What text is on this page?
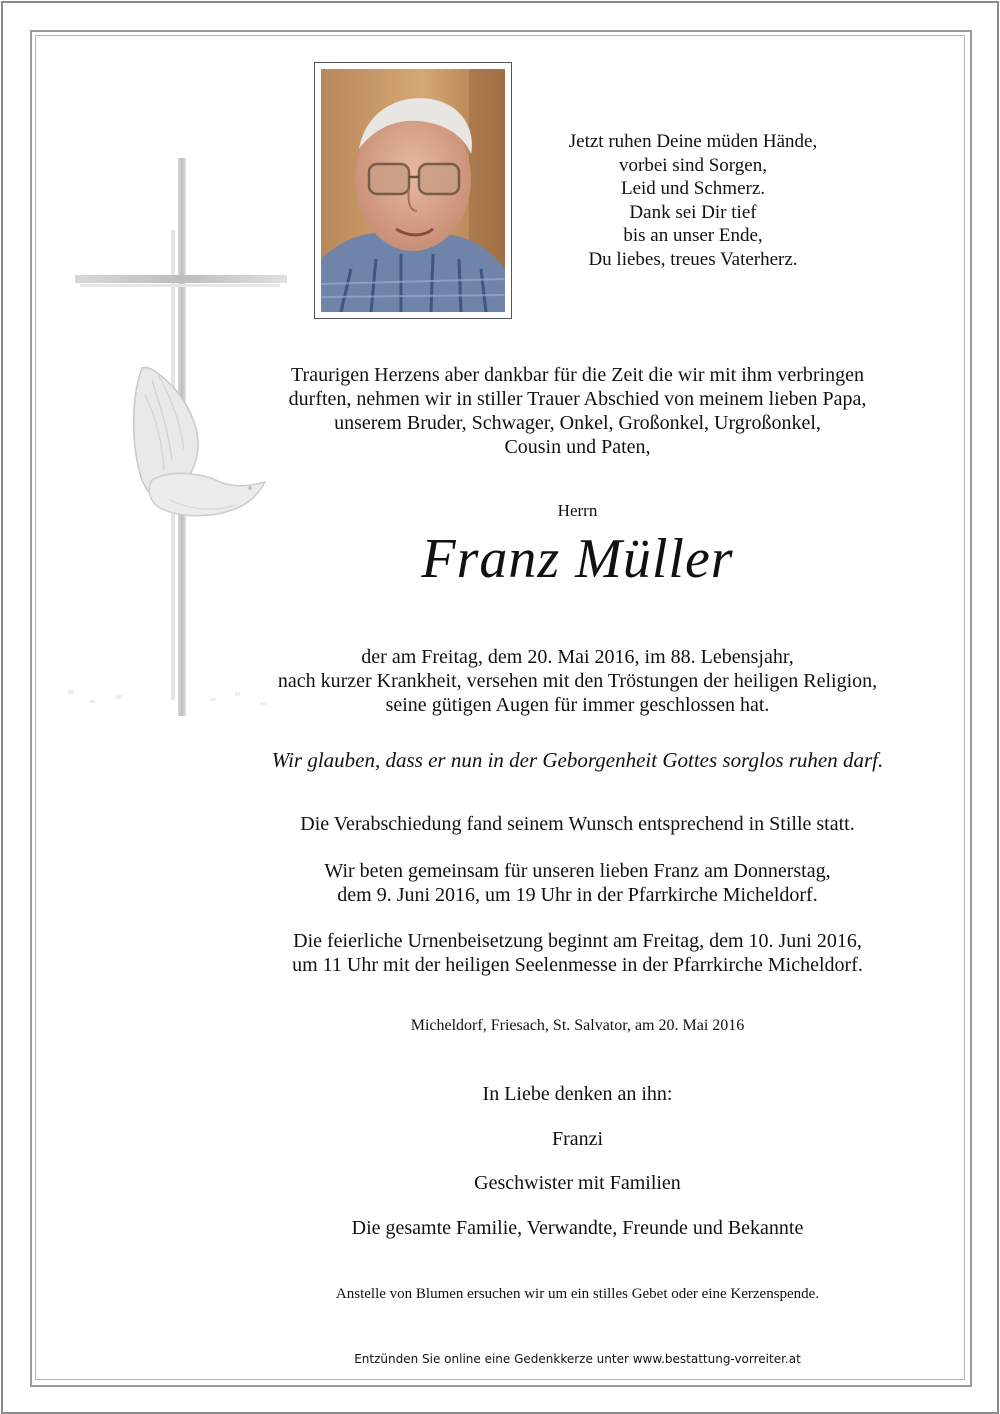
Jetzt ruhen Deine müden Hände,
vorbei sind Sorgen,
Leid und Schmerz.
Dank sei Dir tief
bis an unser Ende,
Du liebes, treues Vaterherz.
Traurigen Herzens aber dankbar für die Zeit die wir mit ihm verbringen
durften, nehmen wir in stiller Trauer Abschied von meinem lieben Papa,
unserem Bruder, Schwager, Onkel, Großonkel, Urgroßonkel,
Cousin und Paten,
Herrn
Franz Müller
der am Freitag, dem 20. Mai 2016, im 88. Lebensjahr,
nach kurzer Krankheit, versehen mit den Tröstungen der heiligen Religion,
seine gütigen Augen für immer geschlossen hat.
Wir glauben, dass er nun in der Geborgenheit Gottes sorglos ruhen darf.
Die Verabschiedung fand seinem Wunsch entsprechend in Stille statt.
Wir beten gemeinsam für unseren lieben Franz am Donnerstag,
dem 9. Juni 2016, um 19 Uhr in der Pfarrkirche Micheldorf.
Die feierliche Urnenbeisetzung beginnt am Freitag, dem 10. Juni 2016,
um 11 Uhr mit der heiligen Seelenmesse in der Pfarrkirche Micheldorf.
Micheldorf, Friesach, St. Salvator, am 20. Mai 2016
In Liebe denken an ihn:
Franzi
Geschwister mit Familien
Die gesamte Familie, Verwandte, Freunde und Bekannte
Anstelle von Blumen ersuchen wir um ein stilles Gebet oder eine Kerzenspende.
Entzünden Sie online eine Gedenkkerze unter www.bestattung-vorreiter.at
